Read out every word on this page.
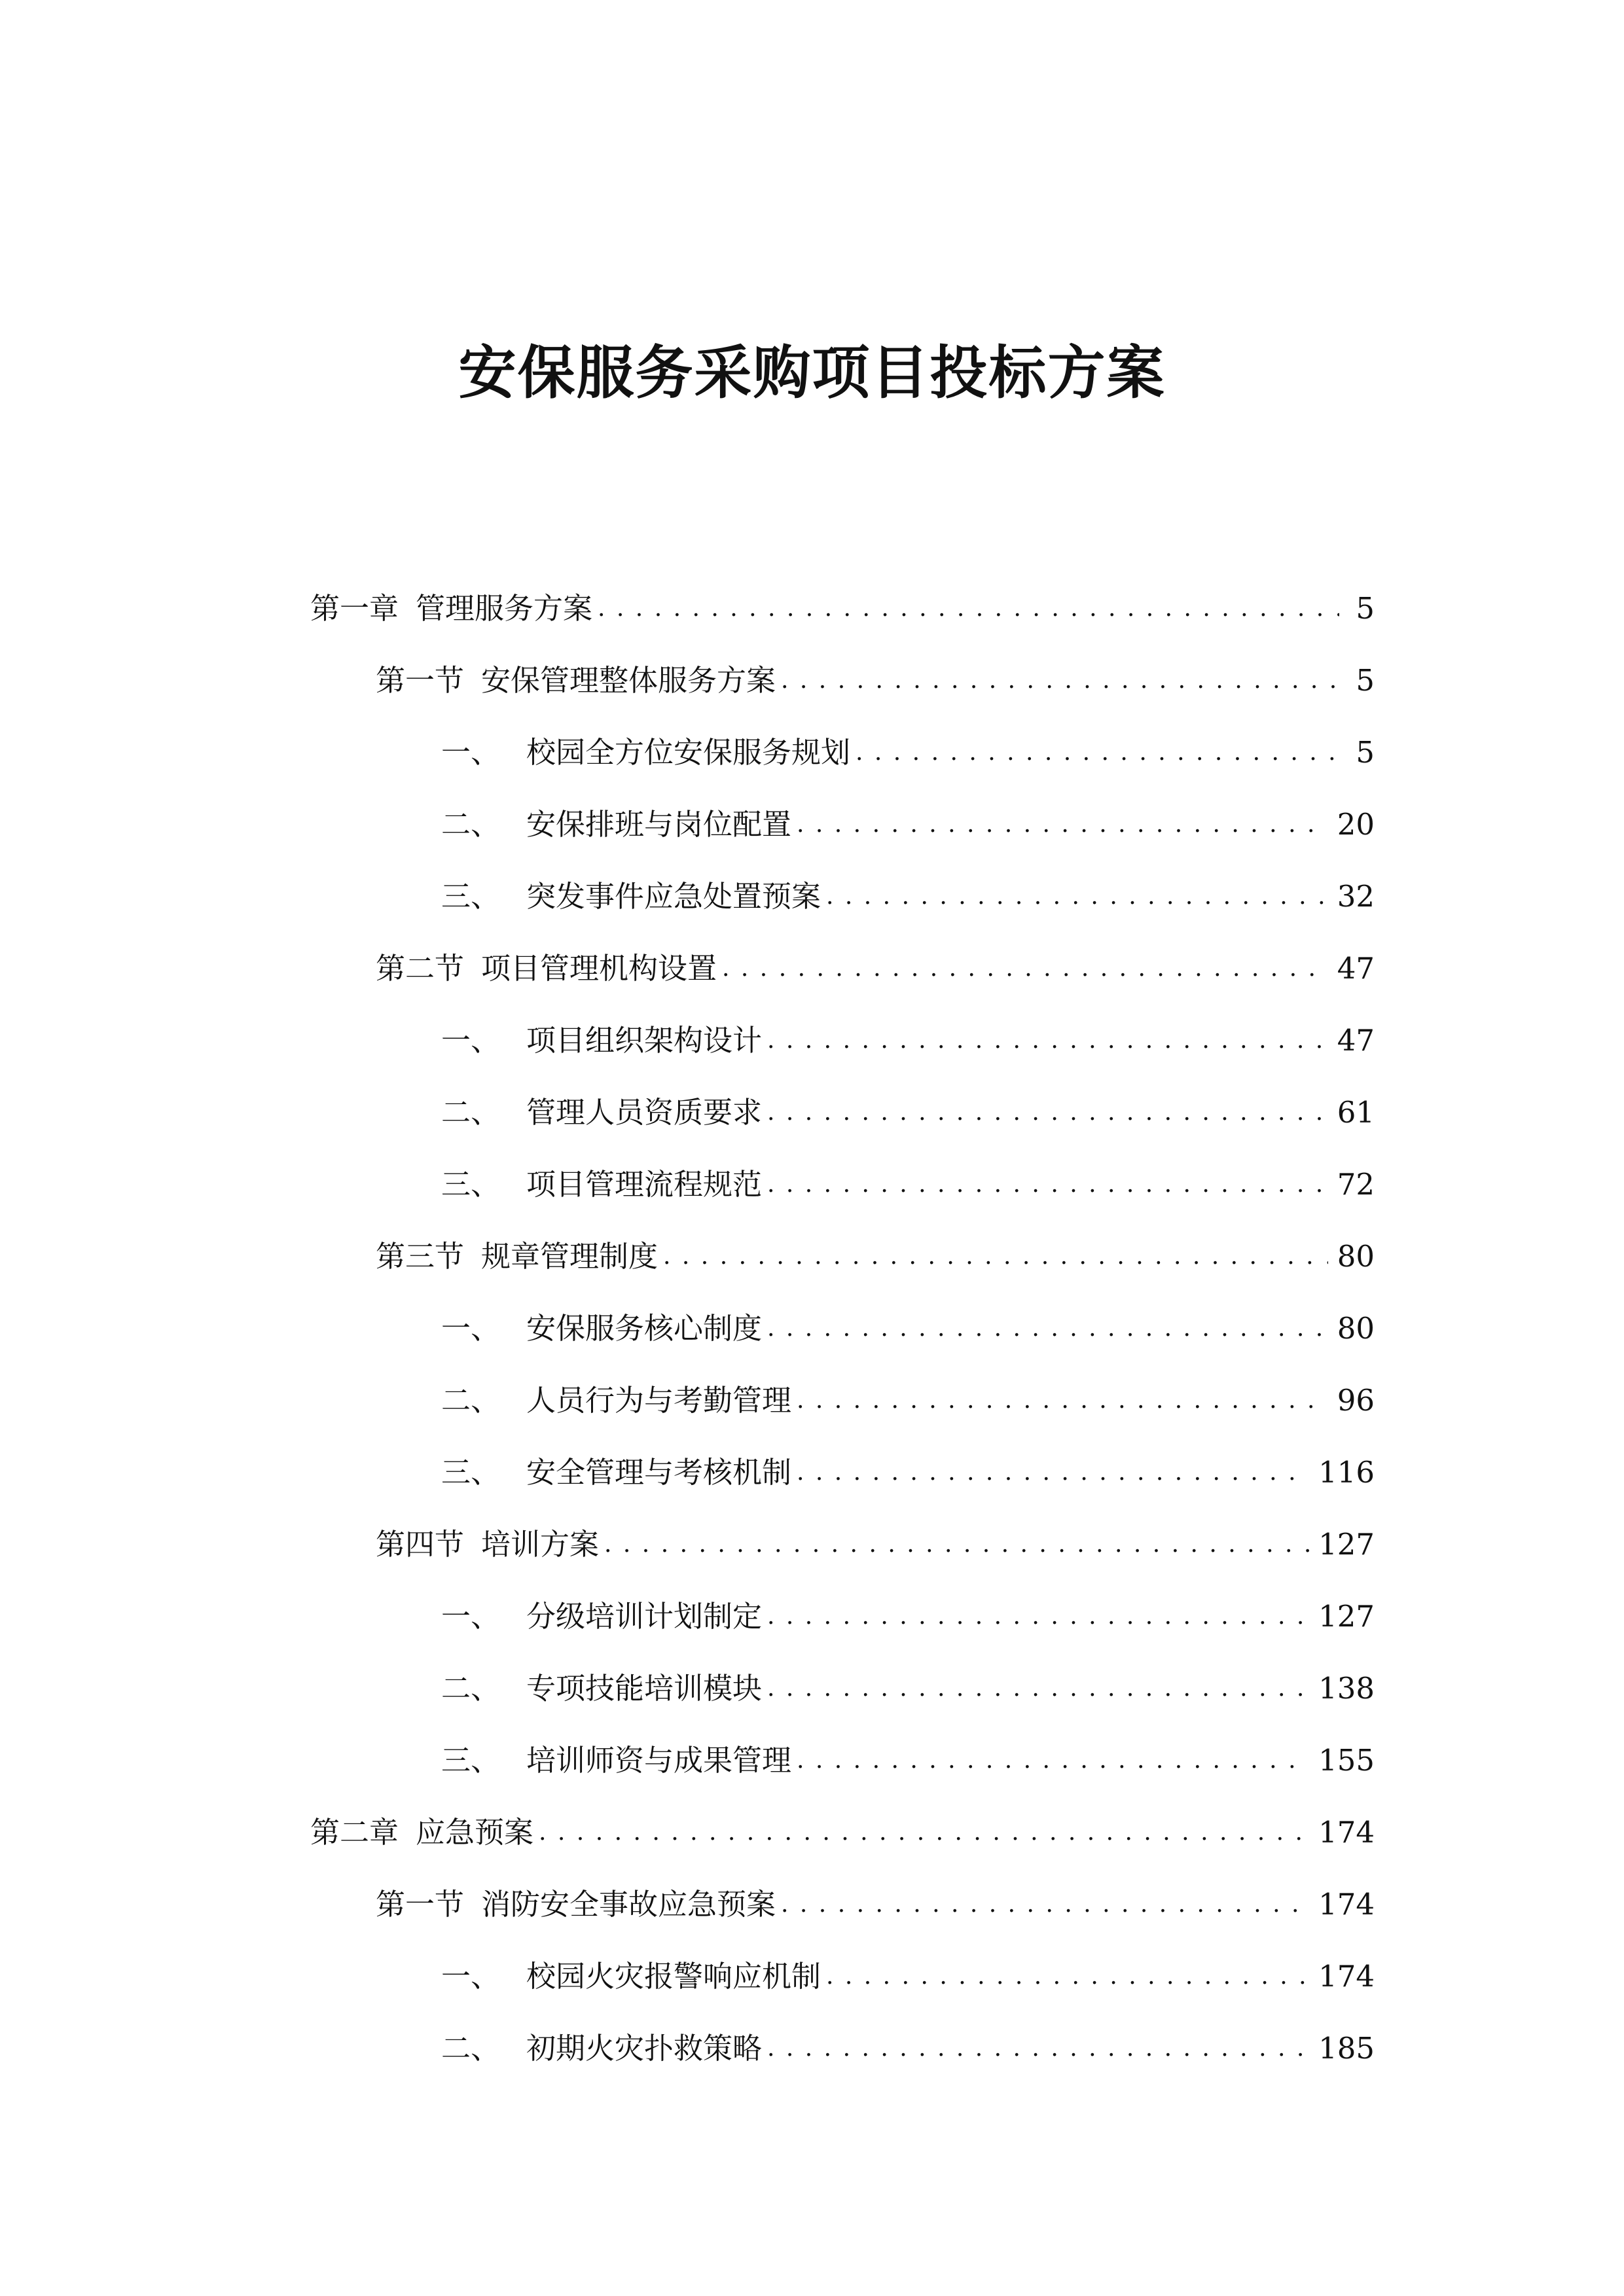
安保服务采购项目投标方案
第一章 管理服务方案 . . .	5
第一节 安保管理整体服务方案 . . .	5
一、 校园全方位安保服务规划 . . .	5
二、 安保排班与岗位配置 . . .	20
三、 突发事件应急处置预案 . . .	32
第二节 项目管理机构设置 . . .	47
一、 项目组织架构设计 . . .	47
二、 管理人员资质要求 . . .	61
三、 项目管理流程规范 . . .	72
第三节 规章管理制度 . . .	80
一、 安保服务核心制度 . . .	80
二、 人员行为与考勤管理 . . .	96
三、 安全管理与考核机制 . . .	116
第四节 培训方案 . . .	127
一、 分级培训计划制定 . . .	127
二、 专项技能培训模块 . . .	138
三、 培训师资与成果管理 . . .	155
第二章 应急预案 . . .	174
第一节 消防安全事故应急预案 . . .	174
一、 校园火灾报警响应机制 . . .	174
二、 初期火灾扑救策略 . . .	185
